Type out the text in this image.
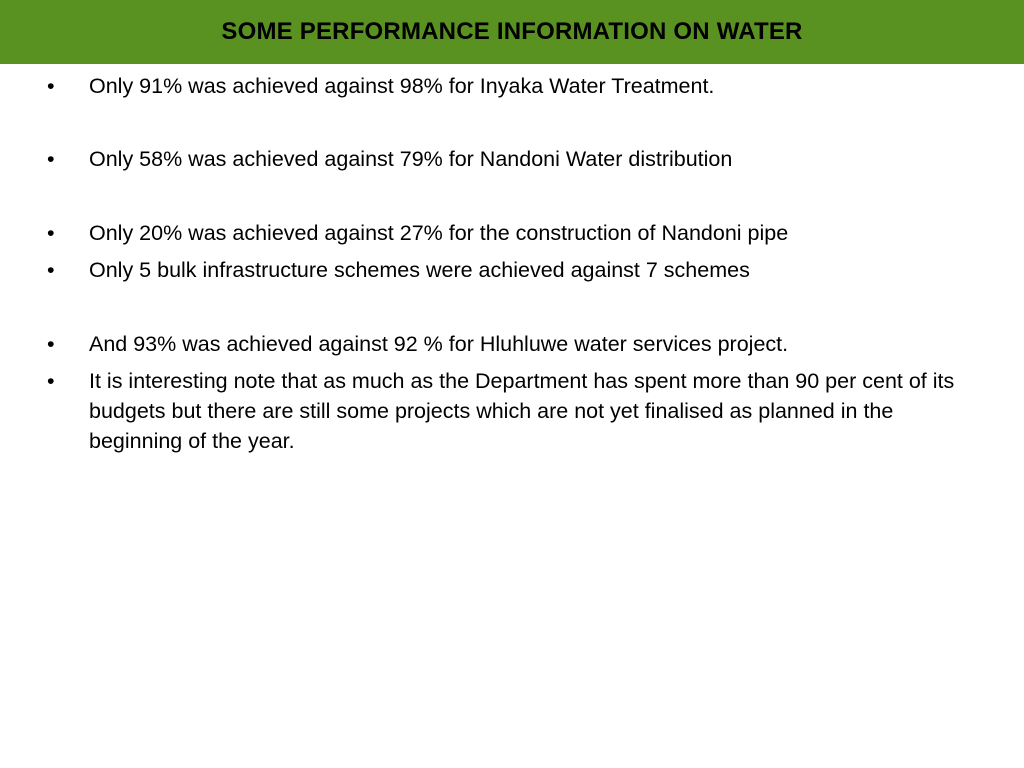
SOME PERFORMANCE INFORMATION ON WATER
•	Only 91% was achieved against 98% for Inyaka Water Treatment.
•	Only 58% was achieved against 79% for Nandoni Water distribution
•	Only 20% was achieved against 27% for the construction of Nandoni pipe
•	Only 5 bulk infrastructure schemes were achieved against 7 schemes
•	And 93% was achieved against 92 % for Hluhluwe water services project.
•	It is interesting note that as much as the Department has spent more than 90 per cent of its budgets but there are still some projects which are not yet finalised as planned in the beginning of the year.
